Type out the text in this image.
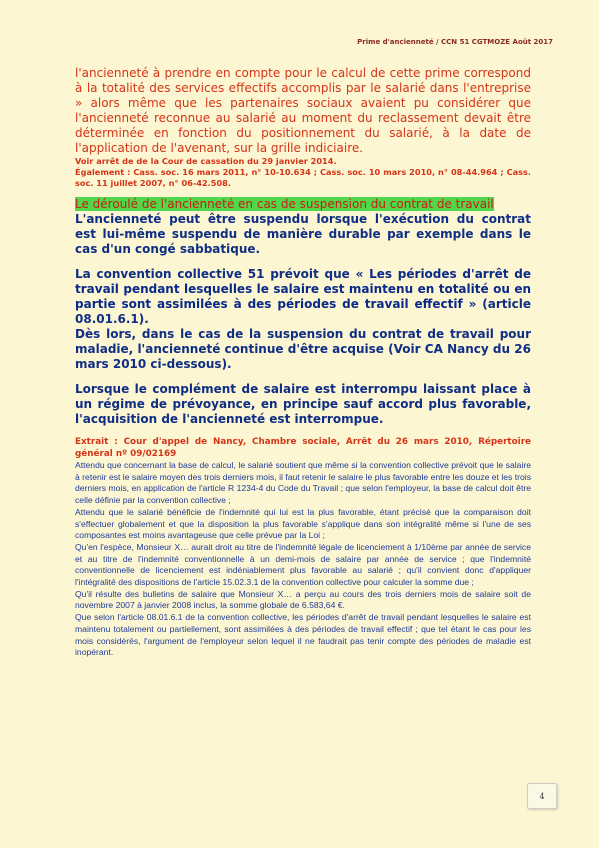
Prime d'ancienneté / CCN 51 CGTMOZE Août 2017

l'ancienneté à prendre en compte pour le calcul de cette prime correspond à la totalité des services effectifs accomplis par le salarié dans l'entreprise » alors même que les partenaires sociaux avaient pu considérer que l'ancienneté reconnue au salarié au moment du reclassement devait être déterminée en fonction du positionnement du salarié, à la date de l'application de l'avenant, sur la grille indiciaire.

Voir arrêt de de la Cour de cassation du 29 janvier 2014.

Également : Cass. soc. 16 mars 2011, n° 10-10.634 ; Cass. soc. 10 mars 2010, n° 08-44.964 ; Cass. soc. 11 juillet 2007, n° 06-42.508.

Le déroulé de l'ancienneté en cas de suspension du contrat de travail

L'ancienneté peut être suspendu lorsque l'exécution du contrat est lui-même suspendu de manière durable par exemple dans le cas d'un congé sabbatique.

La convention collective 51 prévoit que « Les périodes d'arrêt de travail pendant lesquelles le salaire est maintenu en totalité ou en partie sont assimilées à des périodes de travail effectif » (article 08.01.6.1).

Dès lors, dans le cas de la suspension du contrat de travail pour maladie, l'ancienneté continue d'être acquise (Voir CA Nancy du 26 mars 2010 ci-dessous).

Lorsque le complément de salaire est interrompu laissant place à un régime de prévoyance, en principe sauf accord plus favorable, l'acquisition de l'ancienneté est interrompue.

Extrait : Cour d'appel de Nancy, Chambre sociale, Arrêt du 26 mars 2010, Répertoire général nº 09/02169

Attendu que concernant la base de calcul, le salarié soutient que même si la convention collective prévoit que le salaire à retenir est le salaire moyen des trois derniers mois, il faut retenir le salaire le plus favorable entre les douze et les trois derniers mois, en application de l'article R 1234-4 du Code du Travail ; que selon l'employeur, la base de calcul doit être celle définie par la convention collective ;

Attendu que le salarié bénéficie de l'indemnité qui lui est la plus favorable, étant précisé que la comparaison doit s'effectuer globalement et que la disposition la plus favorable s'applique dans son intégralité même si l'une de ses composantes est moins avantageuse que celle prévue par la Loi ;

Qu'en l'espèce, Monsieur X… aurait droit au titre de l'indemnité légale de licenciement à 1/10ème par année de service et au titre de l'indemnité conventionnelle à un demi-mois de salaire par année de service ; que l'indemnité conventionnelle de licenciement est indéniablement plus favorable au salarié ; qu'il convient donc d'appliquer l'intégralité des dispositions de l'article 15.02.3.1 de la convention collective pour calculer la somme due ;

Qu'il résulte des bulletins de salaire que Monsieur X… a perçu au cours des trois derniers mois de salaire soit de novembre 2007 à janvier 2008 inclus, la somme globale de 6.583,64 €.

Que selon l'article 08.01.6.1 de la convention collective, les périodes d'arrêt de travail pendant lesquelles le salaire est maintenu totalement ou partiellement, sont assimilées à des périodes de travail effectif ; que tel étant le cas pour les mois considérés, l'argument de l'employeur selon lequel il ne faudrait pas tenir compte des périodes de maladie est inopérant.

4
